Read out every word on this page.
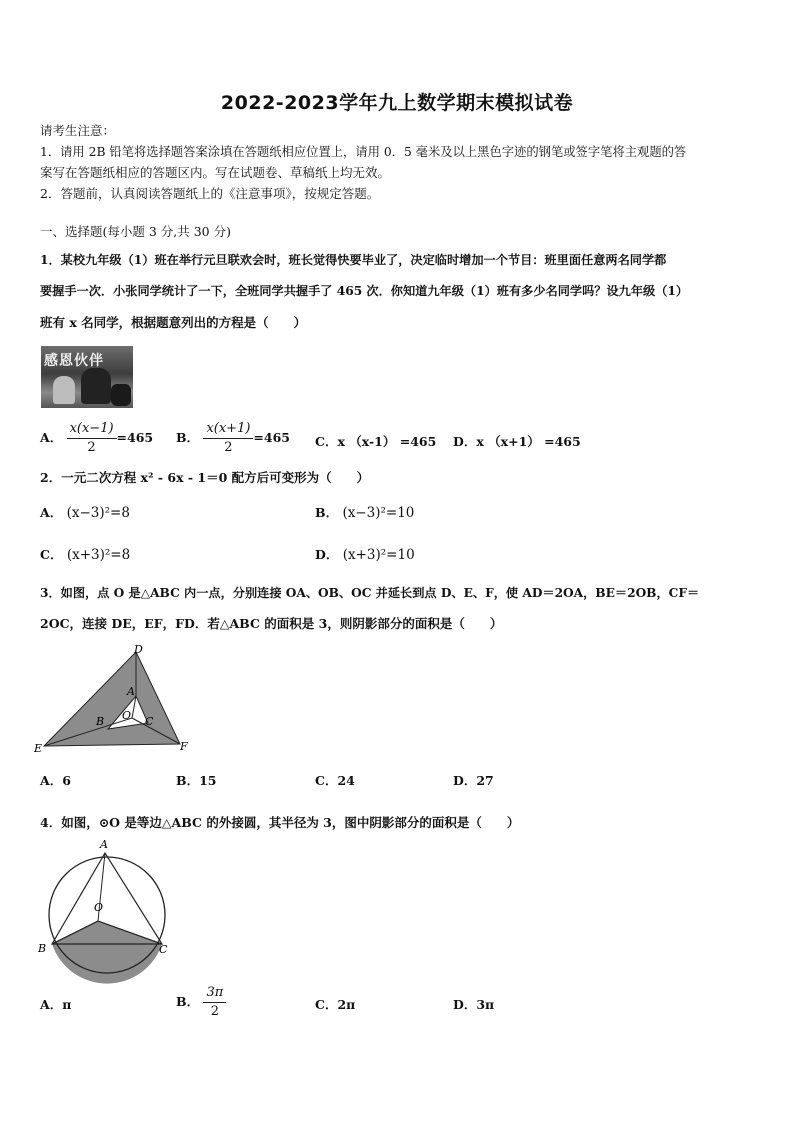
2022-2023学年九上数学期末模拟试卷
请考生注意：
1．请用 2B 铅笔将选择题答案涂填在答题纸相应位置上，请用 0．5 毫米及以上黑色字迹的钢笔或签字笔将主观题的答
案写在答题纸相应的答题区内。写在试题卷、草稿纸上均无效。
2．答题前，认真阅读答题纸上的《注意事项》，按规定答题。
一、选择题(每小题 3 分,共 30 分)
1．某校九年级（1）班在举行元旦联欢会时，班长觉得快要毕业了，决定临时增加一个节目：班里面任意两名同学都
要握手一次．小张同学统计了一下，全班同学共握手了 465 次．你知道九年级（1）班有多少名同学吗？设九年级（1）
班有 x 名同学，根据题意列出的方程是（　　）
感恩伙伴
A． $\frac{x(x-1)}{2} =465$ B． $\frac{x(x+1)}{2} =465$ C．x （x-1） =465 D．x （x+1） =465
2．一元二次方程 x² - 6x - 1＝0 配方后可变形为（　　）
A． (x−3)²=8	B． (x−3)²=10
C． (x+3)²=8	D． (x+3)²=10
3．如图，点 O 是△ABC 内一点，分别连接 OA、OB、OC 并延长到点 D、E、F，使 AD＝2OA，BE＝2OB，CF＝
2OC，连接 DE，EF，FD．若△ABC 的面积是 3，则阴影部分的面积是（　　）
D
A
O
B	C
E	F
A．6	B．15	C．24	D．27
4．如图，⊙O 是等边△ABC 的外接圆，其半径为 3，图中阴影部分的面积是（　　）
A
O
B	C
A．π	B． $\frac{3\pi}{2}$	C．2π	D．3π
